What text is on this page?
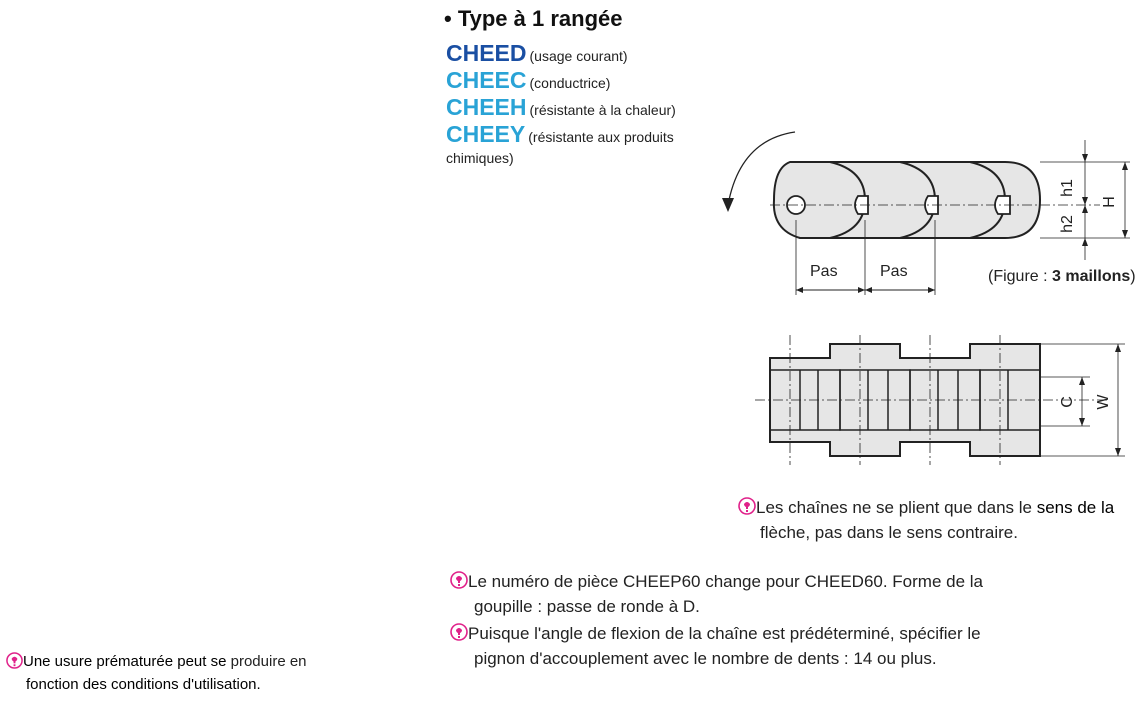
• Type à 1 rangée
CHEED (usage courant)
CHEEC (conductrice)
CHEEH (résistante à la chaleur)
CHEEY (résistante aux produits
chimiques)
Pas	Pas
h1
h2
H
(Figure : 3 maillons)
C W
Les chaînes ne se plient que dans le sens de la
flèche, pas dans le sens contraire.
Le numéro de pièce CHEEP60 change pour CHEED60. Forme de la
goupille : passe de ronde à D.
Puisque l'angle de flexion de la chaîne est prédéterminé, spécifier le
pignon d'accouplement avec le nombre de dents : 14 ou plus.
Une usure prématurée peut se produire en
fonction des conditions d'utilisation.
